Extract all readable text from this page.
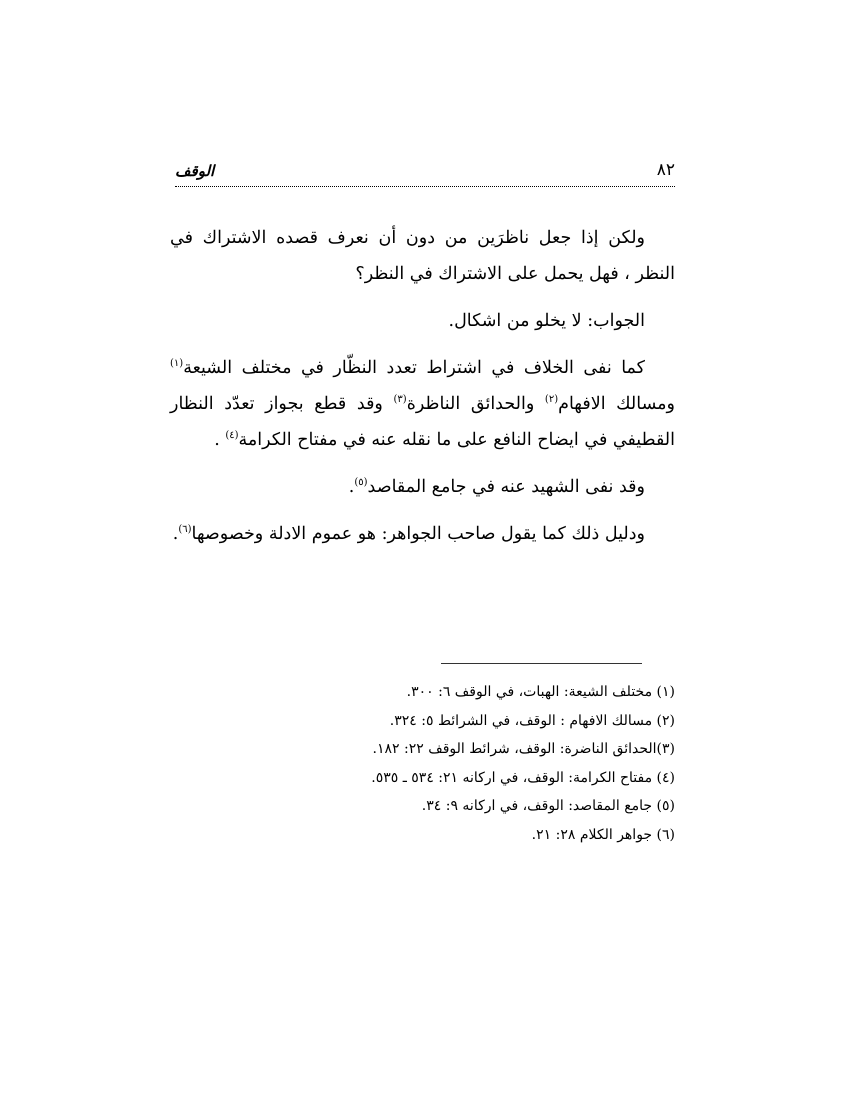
٨٢
الوقف

ولكن إذا جعل ناظرَين من دون أن نعرف قصده الاشتراك في النظر ، فهل يحمل على الاشتراك في النظر؟

الجواب: لا يخلو من اشكال.

كما نفى الخلاف في اشتراط تعدد النظّار في مختلف الشيعة$^{(١)}$ ومسالك الافهام$^{(٢)}$ والحدائق الناظرة$^{(٣)}$ وقد قطع بجواز تعدّد النظار القطيفي في ايضاح النافع على ما نقله عنه في مفتاح الكرامة$^{(٤)}$ .

وقد نفى الشهيد عنه في جامع المقاصد$^{(٥)}$.

ودليل ذلك كما يقول صاحب الجواهر: هو عموم الادلة وخصوصها$^{(٦)}$.

(١) مختلف الشيعة: الهبات، في الوقف ٦: ٣٠٠.

(٢) مسالك الافهام : الوقف، في الشرائط ٥: ٣٢٤.

(٣)الحدائق الناضرة: الوقف، شرائط الوقف ٢٢: ١٨٢.

(٤) مفتاح الكرامة: الوقف، في اركانه ٢١: ٥٣٤ ـ ٥٣٥.

(٥) جامع المقاصد: الوقف، في اركانه ٩: ٣٤.

(٦) جواهر الكلام ٢٨: ٢١.
